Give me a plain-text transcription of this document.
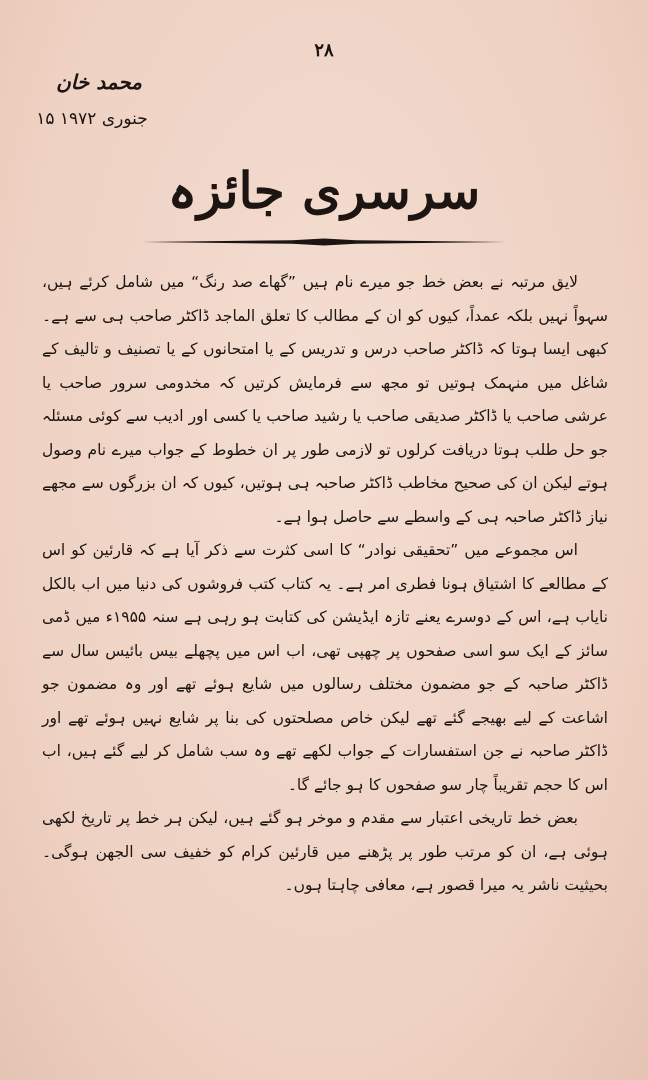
۲۸
محمد خان
۱۵ جنوری ۱۹۷۲
سرسری جائزہ

لایق مرتبہ نے بعض خط جو میرے نام ہیں ”گھاے صد رنگ“ میں شامل کرئے ہیں، سہواً نہیں بلکہ عمداً، کیوں کو ان کے مطالب کا تعلق الماجد ڈاکٹر صاحب ہی سے ہے۔ کبھی ایسا ہوتا کہ ڈاکٹر صاحب درس و تدریس کے یا امتحانوں کے یا تصنیف و تالیف کے شاغل میں منہمک ہوتیں تو مجھ سے فرمایش کرتیں کہ مخدومی سرور صاحب یا عرشی صاحب یا ڈاکٹر صدیقی صاحب یا رشید صاحب یا کسی اور ادیب سے کوئی مسئلہ جو حل طلب ہوتا دریافت کرلوں تو لازمی طور پر ان خطوط کے جواب میرے نام وصول ہوتے لیکن ان کی صحیح مخاطب ڈاکٹر صاحبہ ہی ہوتیں، کیوں کہ ان بزرگوں سے مجھے نیاز ڈاکٹر صاحبہ ہی کے واسطے سے حاصل ہوا ہے۔

اس مجموعے میں ”تحقیقی نوادر“ کا اسی کثرت سے ذکر آیا ہے کہ قارئین کو اس کے مطالعے کا اشتیاق ہونا فطری امر ہے۔ یہ کتاب کتب فروشوں کی دنیا میں اب بالکل نایاب ہے، اس کے دوسرے یعنے تازہ ایڈیشن کی کتابت ہو رہی ہے سنہ ۱۹۵۵ء میں ڈمی سائز کے ایک سو اسی صفحوں پر چھپی تھی، اب اس میں پچھلے بیس بائیس سال سے ڈاکٹر صاحبہ کے جو مضمون مختلف رسالوں میں شایع ہوئے تھے اور وہ مضمون جو اشاعت کے لیے بھیجے گئے تھے لیکن خاص مصلحتوں کی بنا پر شایع نہیں ہوئے تھے اور ڈاکٹر صاحبہ نے جن استفسارات کے جواب لکھے تھے وہ سب شامل کر لیے گئے ہیں، اب اس کا حجم تقریباً چار سو صفحوں کا ہو جائے گا۔

بعض خط تاریخی اعتبار سے مقدم و موخر ہو گئے ہیں، لیکن ہر خط پر تاریخ لکھی ہوئی ہے، ان کو مرتب طور پر پڑھنے میں قارئین کرام کو خفیف سی الجھن ہوگی۔ بحیثیت ناشر یہ میرا قصور ہے، معافی چاہتا ہوں۔
